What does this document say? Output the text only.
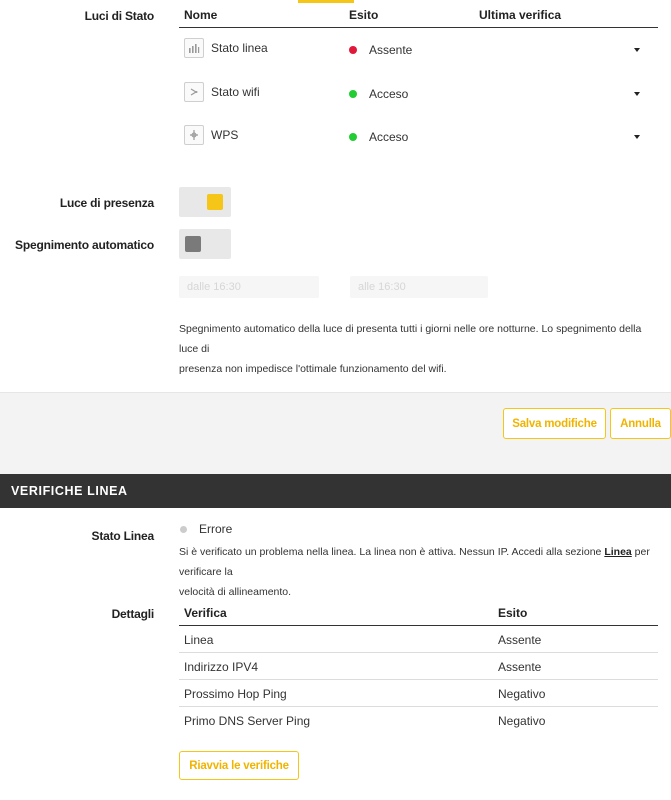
Luci di Stato	Nome	Esito	Ultima verifica
Stato linea	Assente
Stato wifi	Acceso
WPS	Acceso
Luce di presenza
Spegnimento automatico
dalle 16:30	alle 16:30
Spegnimento automatico della luce di presenta tutti i giorni nelle ore notturne. Lo spegnimento della luce di
presenza non impedisce l'ottimale funzionamento del wifi.
Salva modifiche	Annulla
VERIFICHE LINEA
Stato Linea	Errore
Si è verificato un problema nella linea. La linea non è attiva. Nessun IP. Accedi alla sezione Linea per verificare la
velocità di allineamento.
Dettagli	Verifica	Esito
Linea	Assente
Indirizzo IPV4	Assente
Prossimo Hop Ping	Negativo
Primo DNS Server Ping	Negativo
Riavvia le verifiche
